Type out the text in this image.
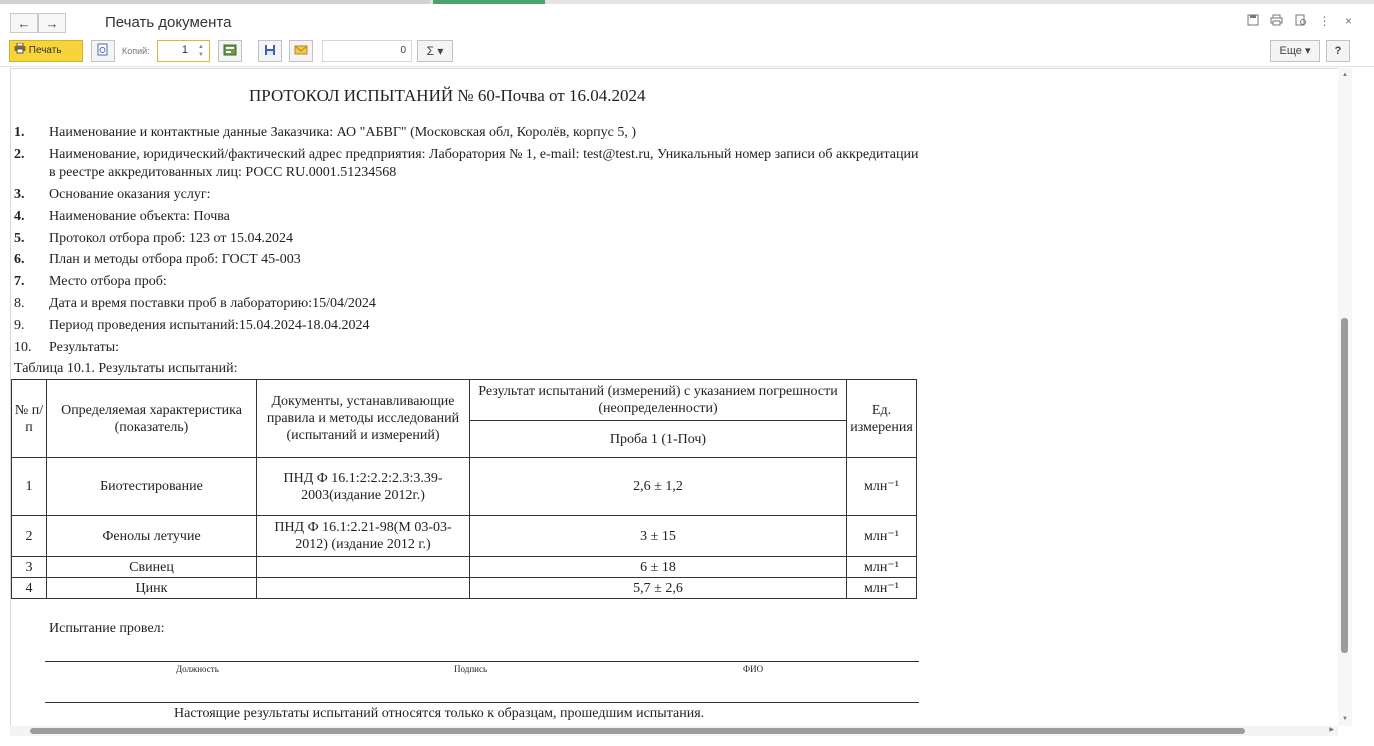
←	→	Печать документа	⋮	×
Печать	Копий:	1	▲
▼	0	Σ ▾	Еще ▾	?
ПРОТОКОЛ ИСПЫТАНИЙ № 60-Почва от 16.04.2024
1.	Наименование и контактные данные Заказчика: АО "АБВГ" (Московская обл, Королёв, корпус 5, )
2.	Наименование, юридический/фактический адрес предприятия: Лаборатория № 1, e-mail: test@test.ru, Уникальный номер записи об аккредитации в реестре аккредитованных лиц: РОСС RU.0001.51234568
3.	Основание оказания услуг:
4.	Наименование объекта: Почва
5.	Протокол отбора проб: 123 от 15.04.2024
6.	План и методы отбора проб: ГОСТ 45-003
7.	Место отбора проб:
8.	Дата и время поставки проб в лабораторию:15/04/2024
9.	Период проведения испытаний:15.04.2024-18.04.2024
10.	Результаты:
Таблица 10.1. Результаты испытаний:
№ п/п	Определяемая характеристика (показатель)	Документы, устанавливающие правила и методы исследований (испытаний и измерений)	Результат испытаний (измерений) с указанием погрешности (неопределенности)	Ед. измерения
			Проба 1 (1-Поч)	
1	Биотестирование	ПНД Ф 16.1:2:2.2:2.3:3.39-2003(издание 2012г.)	2,6 ± 1,2	млн⁻¹
2	Фенолы летучие	ПНД Ф 16.1:2.21-98(М 03-03-2012) (издание 2012 г.)	3 ± 15	млн⁻¹
3	Свинец		6 ± 18	млн⁻¹
4	Цинк		5,7 ± 2,6	млн⁻¹
Испытание провел:
Должность	Подпись	ФИО
Настоящие результаты испытаний относятся только к образцам, прошедшим испытания.
▲
▼
▶
